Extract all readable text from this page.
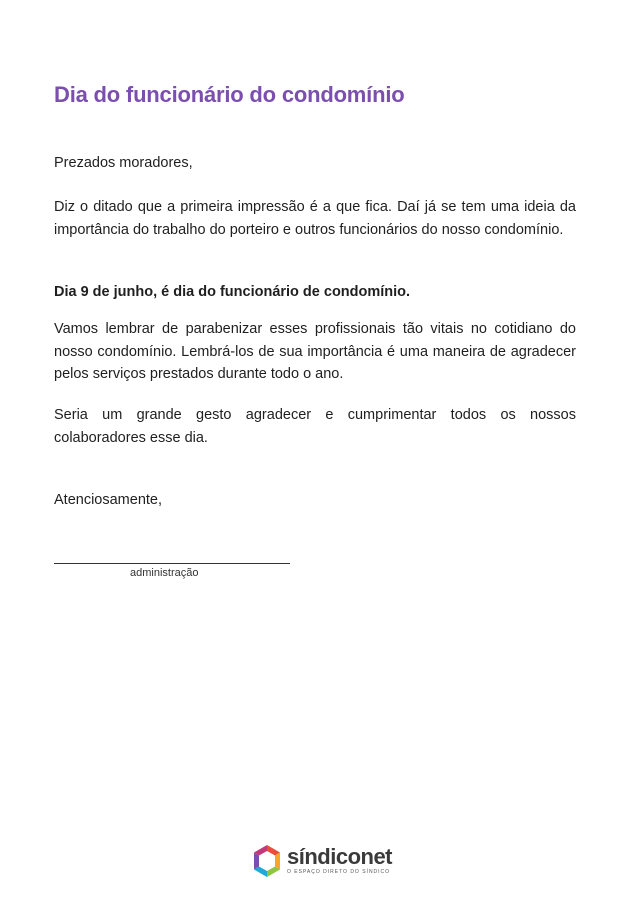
Dia do funcionário do condomínio

Prezados moradores,

Diz o ditado que a primeira impressão é a que fica. Daí já se tem uma ideia da importância do trabalho do porteiro e outros funcionários do nosso condomínio.

Dia 9 de junho, é dia do funcionário de condomínio.

Vamos lembrar de parabenizar esses profissionais tão vitais no cotidiano do nosso condomínio. Lembrá-los de sua importância é uma maneira de agradecer pelos serviços prestados durante todo o ano.

Seria um grande gesto agradecer e cumprimentar todos os nossos colaboradores esse dia.

Atenciosamente,

administração
síndiconet
O ESPAÇO DIRETO DO SÍNDICO
